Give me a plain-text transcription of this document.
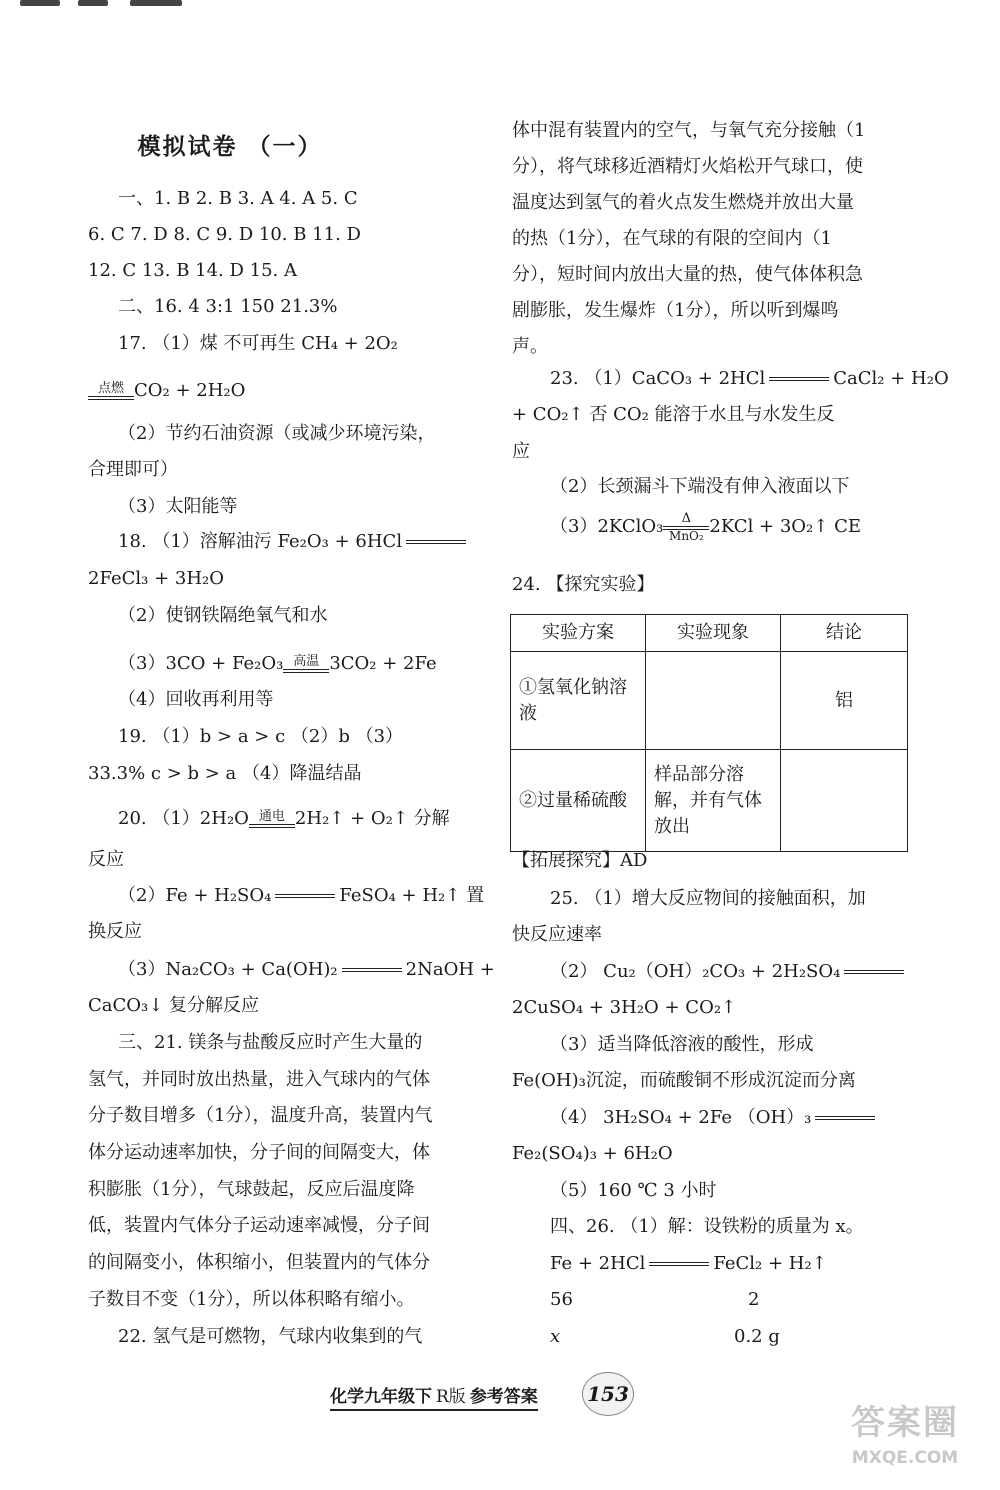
模拟试卷 （一）
一、1. B 2. B 3. A 4. A 5. C
6. C 7. D 8. C 9. D 10. B 11. D
12. C 13. B 14. D 15. A
二、16. 4 3:1 150 21.3%
17. （1）煤 不可再生 CH₄ + 2O₂
点燃 CO₂ + 2H₂O
（2）节约石油资源（或减少环境污染，
合理即可）
（3）太阳能等
18. （1）溶解油污 Fe₂O₃ + 6HCl
2FeCl₃ + 3H₂O
（2）使钢铁隔绝氧气和水
（3）3CO + Fe₂O₃ 高温 3CO₂ + 2Fe
（4）回收再利用等
19. （1）b > a > c （2）b （3）
33.3% c > b > a （4）降温结晶
20. （1）2H₂O 通电 2H₂↑ + O₂↑ 分解
反应
（2）Fe + H₂SO₄	FeSO₄ + H₂↑ 置
换反应
（3）Na₂CO₃ + Ca(OH)₂	2NaOH +
CaCO₃↓ 复分解反应
三、21. 镁条与盐酸反应时产生大量的
氢气，并同时放出热量，进入气球内的气体
分子数目增多（1分），温度升高，装置内气
体分运动速率加快，分子间的间隔变大，体
积膨胀（1分），气球鼓起，反应后温度降
低，装置内气体分子运动速率减慢，分子间
的间隔变小，体积缩小，但装置内的气体分
子数目不变（1分），所以体积略有缩小。
22. 氢气是可燃物，气球内收集到的气
体中混有装置内的空气，与氧气充分接触（1
分），将气球移近酒精灯火焰松开气球口，使
温度达到氢气的着火点发生燃烧并放出大量
的热（1分），在气球的有限的空间内（1
分），短时间内放出大量的热，使气体体积急
剧膨胀，发生爆炸（1分），所以听到爆鸣
声。
23. （1）CaCO₃ + 2HCl	CaCl₂ + H₂O
+ CO₂↑ 否 CO₂ 能溶于水且与水发生反
应
（2）长颈漏斗下端没有伸入液面以下
（3）2KClO₃	Δ
MnO₂ 2KCl + 3O₂↑ CE
24. 【探究实验】
【拓展探究】AD
25. （1）增大反应物间的接触面积，加
快反应速率
（2） Cu₂（OH）₂CO₃ + 2H₂SO₄
2CuSO₄ + 3H₂O + CO₂↑
（3）适当降低溶液的酸性，形成
Fe(OH)₃沉淀，而硫酸铜不形成沉淀而分离
（4） 3H₂SO₄ + 2Fe （OH）₃
Fe₂(SO₄)₃ + 6H₂O
（5）160 ℃ 3 小时
四、26. （1）解：设铁粉的质量为 x。
Fe + 2HCl	FeCl₂ + H₂↑
56	2
x	0.2 g
实验方案	实验现象	结论
①氢氧化钠溶液		铝
②过量稀硫酸	样品部分溶解，并有气体放出	
化学九年级下 R版 参考答案 153
答案圈
MXQE.COM
